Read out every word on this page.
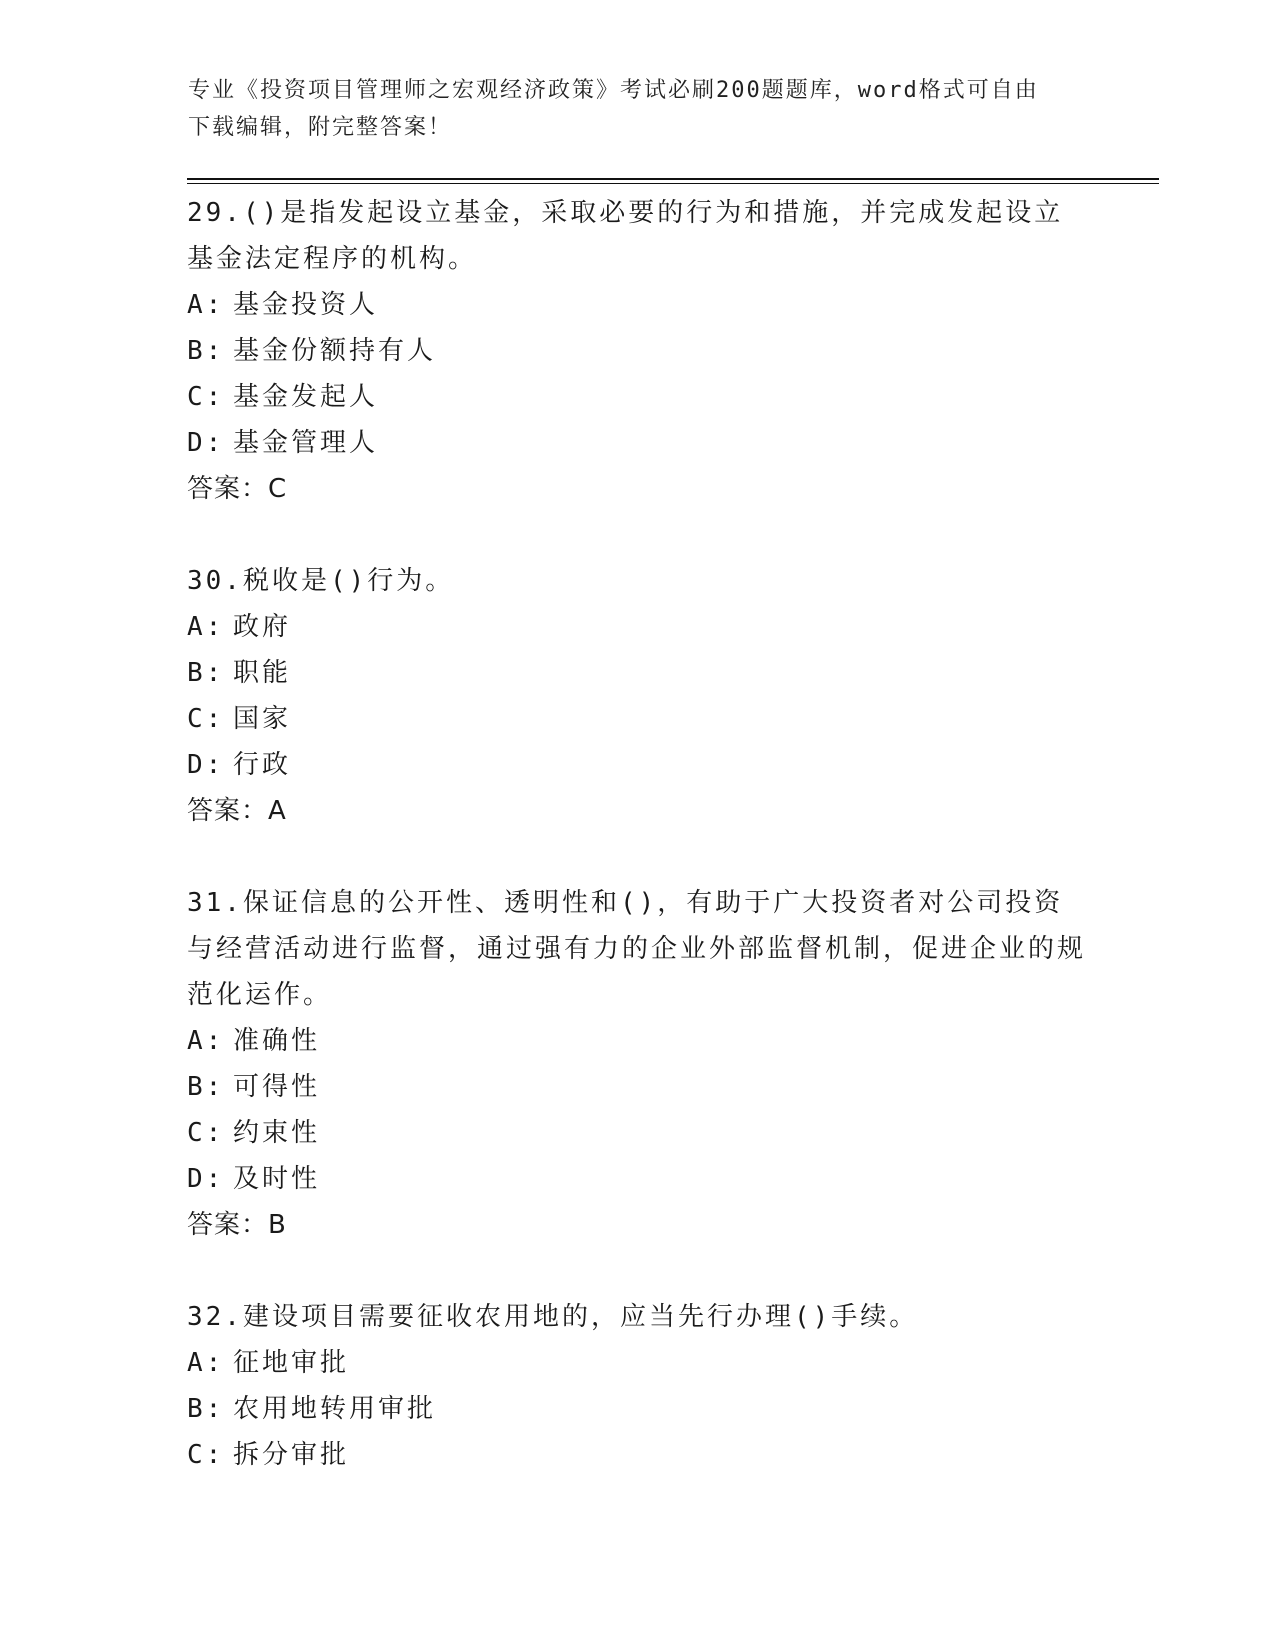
专业《投资项目管理师之宏观经济政策》考试必刷200题题库，word格式可自由
下载编辑，附完整答案！

29.()是指发起设立基金，采取必要的行为和措施，并完成发起设立基金法定程序的机构。

A: 基金投资人
B: 基金份额持有人
C: 基金发起人
D: 基金管理人

答案：C

30.税收是()行为。

A: 政府
B: 职能
C: 国家
D: 行政

答案：A

31.保证信息的公开性、透明性和()，有助于广大投资者对公司投资与经营活动进行监督，通过强有力的企业外部监督机制，促进企业的规范化运作。

A: 准确性
B: 可得性
C: 约束性
D: 及时性

答案：B

32.建设项目需要征收农用地的，应当先行办理()手续。

A: 征地审批
B: 农用地转用审批
C: 拆分审批
